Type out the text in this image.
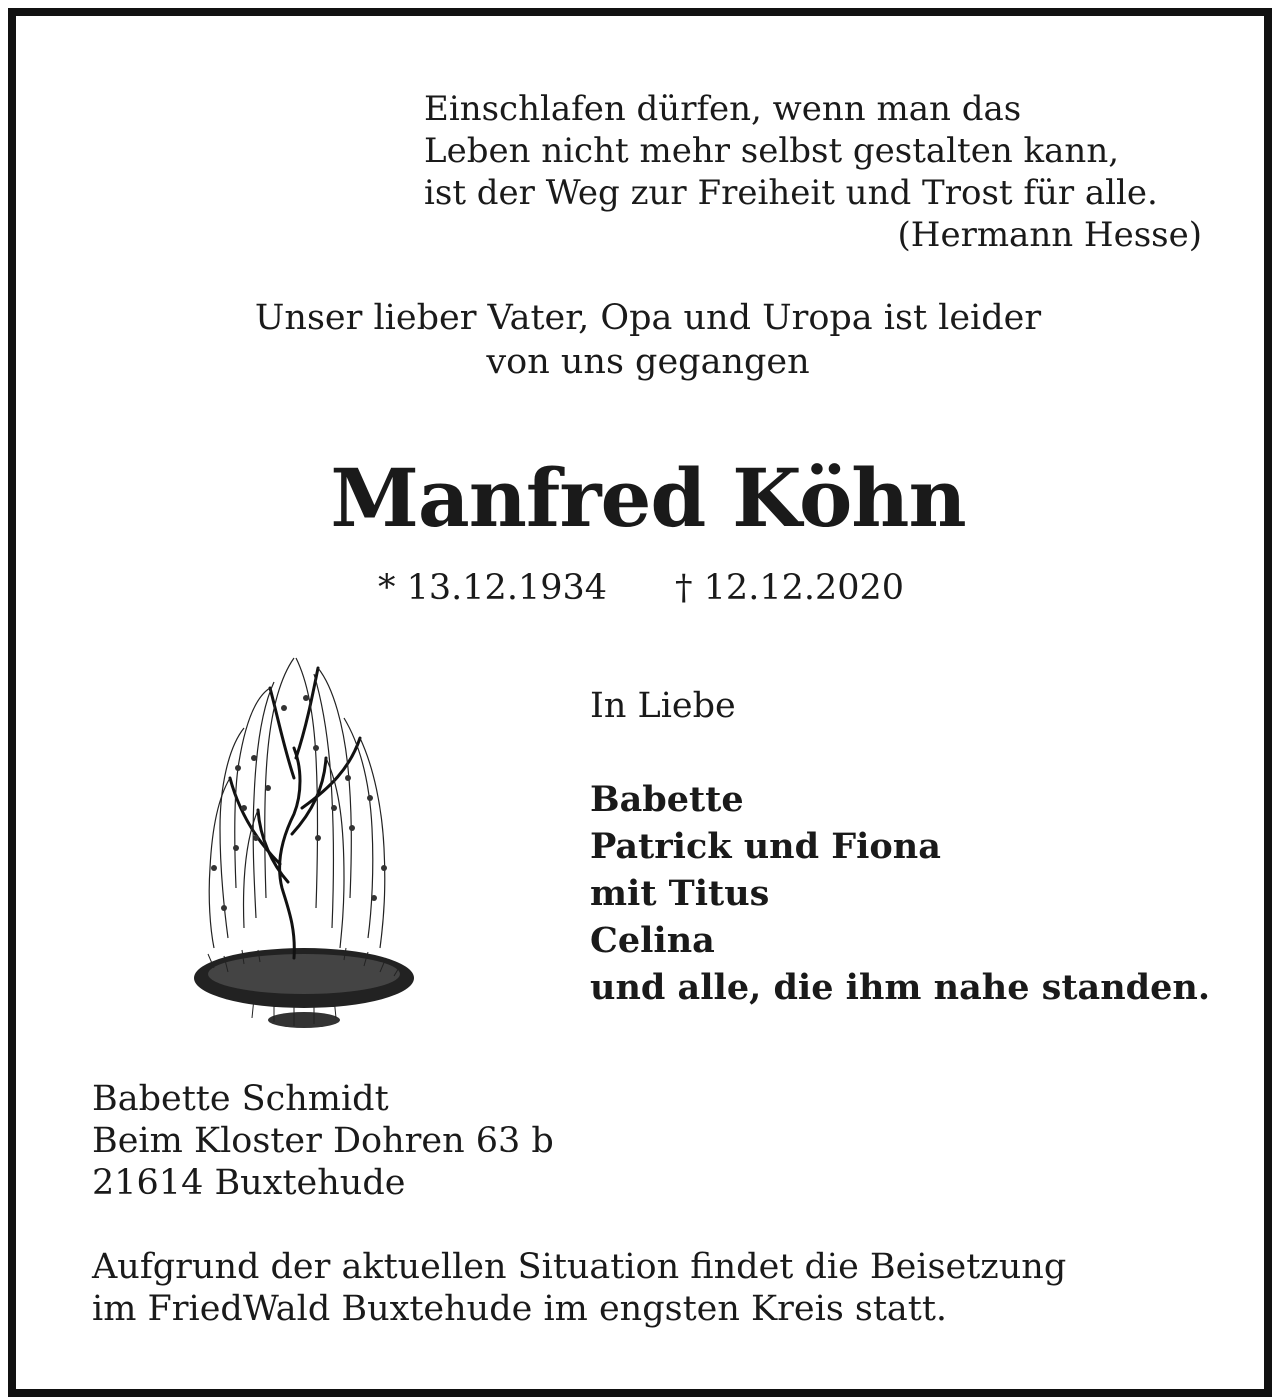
Einschlafen dürfen, wenn man das
Leben nicht mehr selbst gestalten kann,
ist der Weg zur Freiheit und Trost für alle.
(Hermann Hesse)
Unser lieber Vater, Opa und Uropa ist leider
von uns gegangen
Manfred Köhn
* 13.12.1934 † 12.12.2020
In Liebe
Babette
Patrick und Fiona
mit Titus
Celina
und alle, die ihm nahe standen.
Babette Schmidt
Beim Kloster Dohren 63 b
21614 Buxtehude
Aufgrund der aktuellen Situation findet die Beisetzung
im FriedWald Buxtehude im engsten Kreis statt.
